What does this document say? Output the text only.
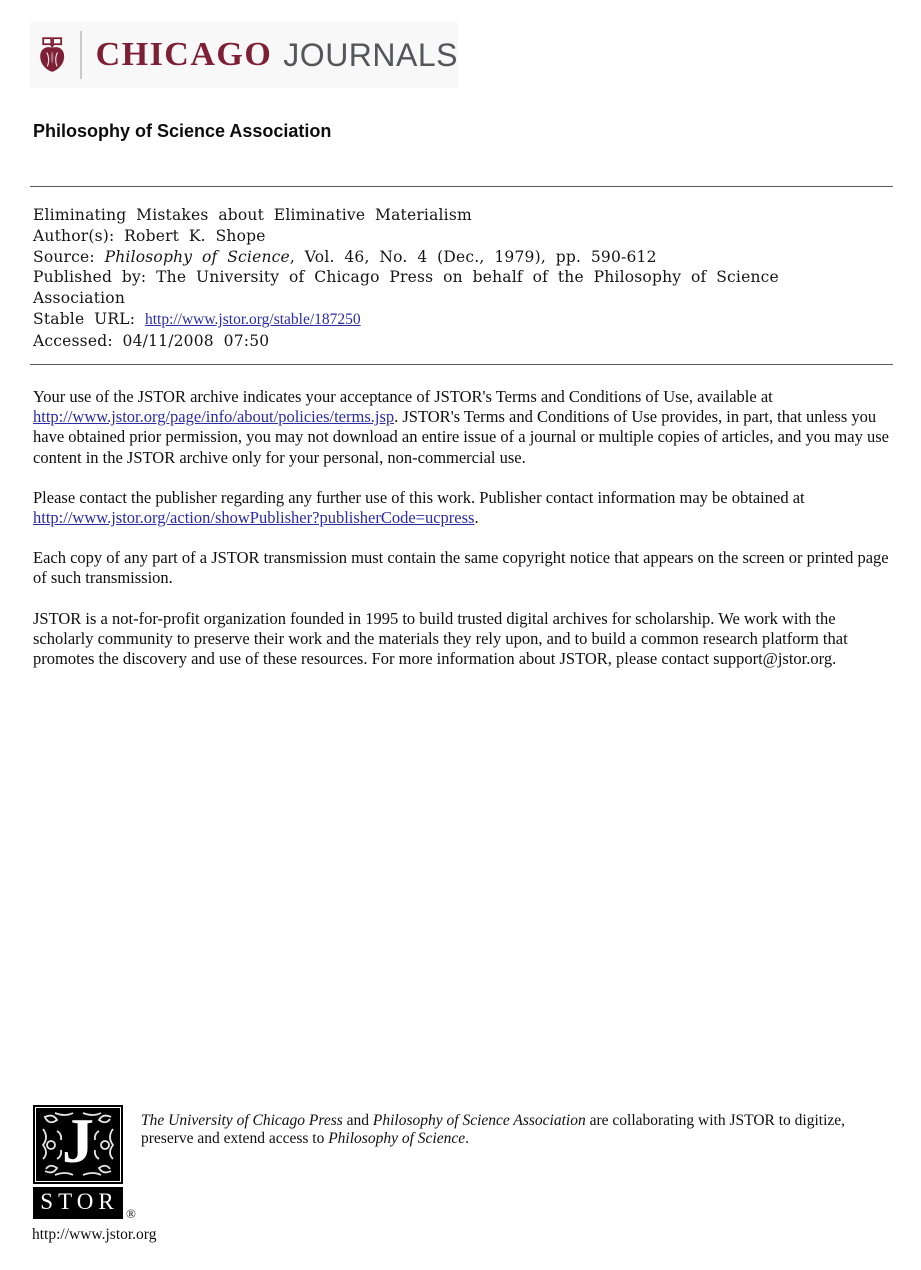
CHICAGO JOURNALS
Philosophy of Science Association
Eliminating Mistakes about Eliminative Materialism
Author(s): Robert K. Shope
Source: Philosophy of Science, Vol. 46, No. 4 (Dec., 1979), pp. 590-612
Published by: The University of Chicago Press on behalf of the Philosophy of Science
Association
Stable URL: http://www.jstor.org/stable/187250
Accessed: 04/11/2008 07:50

Your use of the JSTOR archive indicates your acceptance of JSTOR's Terms and Conditions of Use, available at http://www.jstor.org/page/info/about/policies/terms.jsp. JSTOR's Terms and Conditions of Use provides, in part, that unless you have obtained prior permission, you may not download an entire issue of a journal or multiple copies of articles, and you may use content in the JSTOR archive only for your personal, non-commercial use.

Please contact the publisher regarding any further use of this work. Publisher contact information may be obtained at http://www.jstor.org/action/showPublisher?publisherCode=ucpress.

Each copy of any part of a JSTOR transmission must contain the same copyright notice that appears on the screen or printed page of such transmission.

JSTOR is a not-for-profit organization founded in 1995 to build trusted digital archives for scholarship. We work with the scholarly community to preserve their work and the materials they rely upon, and to build a common research platform that promotes the discovery and use of these resources. For more information about JSTOR, please contact support@jstor.org.

J
STOR ®
The University of Chicago Press and Philosophy of Science Association are collaborating with JSTOR to digitize, preserve and extend access to Philosophy of Science.
http://www.jstor.org
